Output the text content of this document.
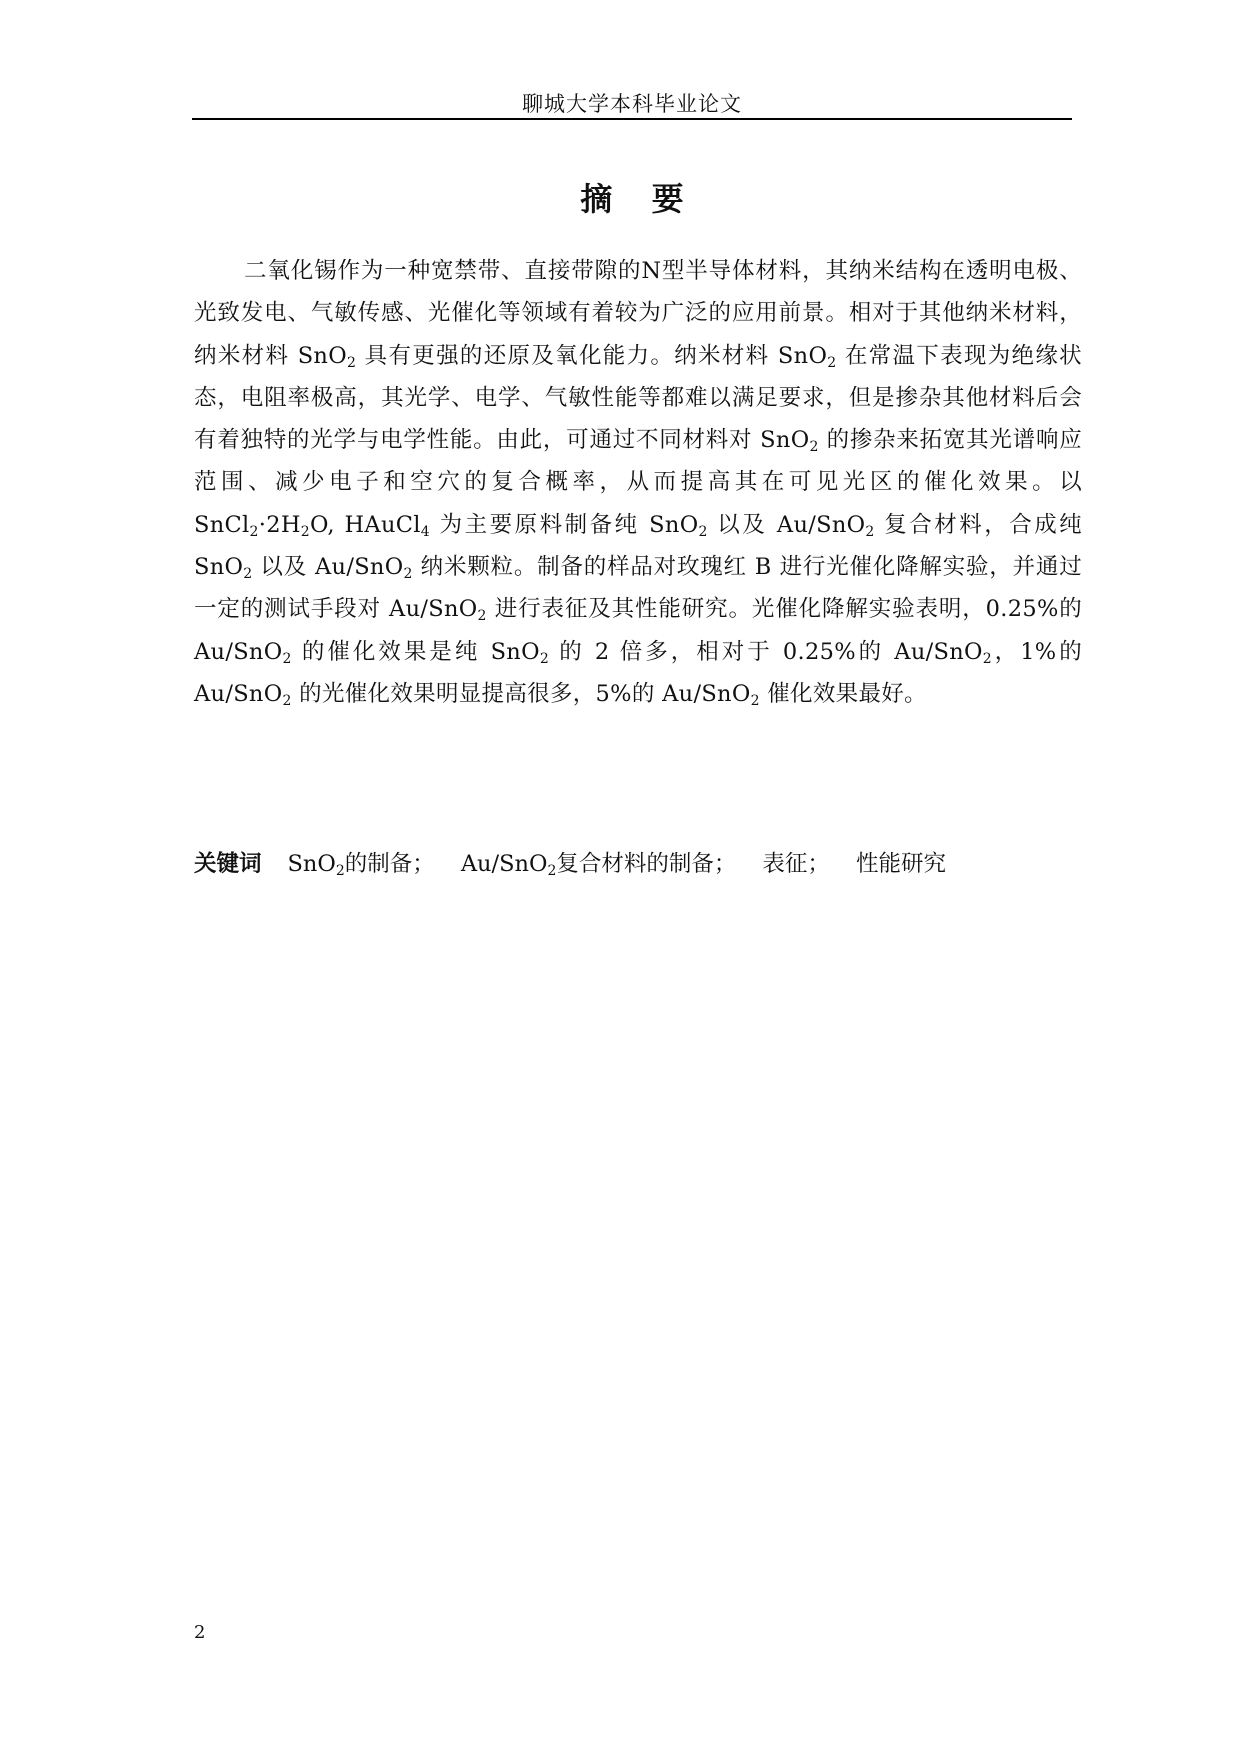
聊城大学本科毕业论文
摘 要
二氧化锡作为一种宽禁带、直接带隙的N型半导体材料，其纳米结构在透明电极、光致发电、气敏传感、光催化等领域有着较为广泛的应用前景。相对于其他纳米材料，纳米材料 SnO$_2$ 具有更强的还原及氧化能力。纳米材料 SnO$_2$ 在常温下表现为绝缘状态，电阻率极高，其光学、电学、气敏性能等都难以满足要求，但是掺杂其他材料后会有着独特的光学与电学性能。由此，可通过不同材料对 SnO$_2$ 的掺杂来拓宽其光谱响应范围、减少电子和空穴的复合概率，从而提高其在可见光区的催化效果。以 $SnCl_2\cdot 2H_2O$, HAuCl$_4$ 为主要原料制备纯 SnO$_2$ 以及 Au/SnO$_2$ 复合材料，合成纯 SnO$_2$ 以及 Au/SnO$_2$ 纳米颗粒。制备的样品对玫瑰红 B 进行光催化降解实验，并通过一定的测试手段对 Au/SnO$_2$ 进行表征及其性能研究。光催化降解实验表明，0.25%的 Au/SnO$_2$ 的催化效果是纯 SnO$_2$ 的 2 倍多，相对于 0.25%的 Au/SnO$_2$，1%的 Au/SnO$_2$ 的光催化效果明显提高很多，5%的 Au/SnO$_2$ 催化效果最好。
关键词 SnO$_2$的制备； Au/SnO$_2$复合材料的制备； 表征； 性能研究
2
